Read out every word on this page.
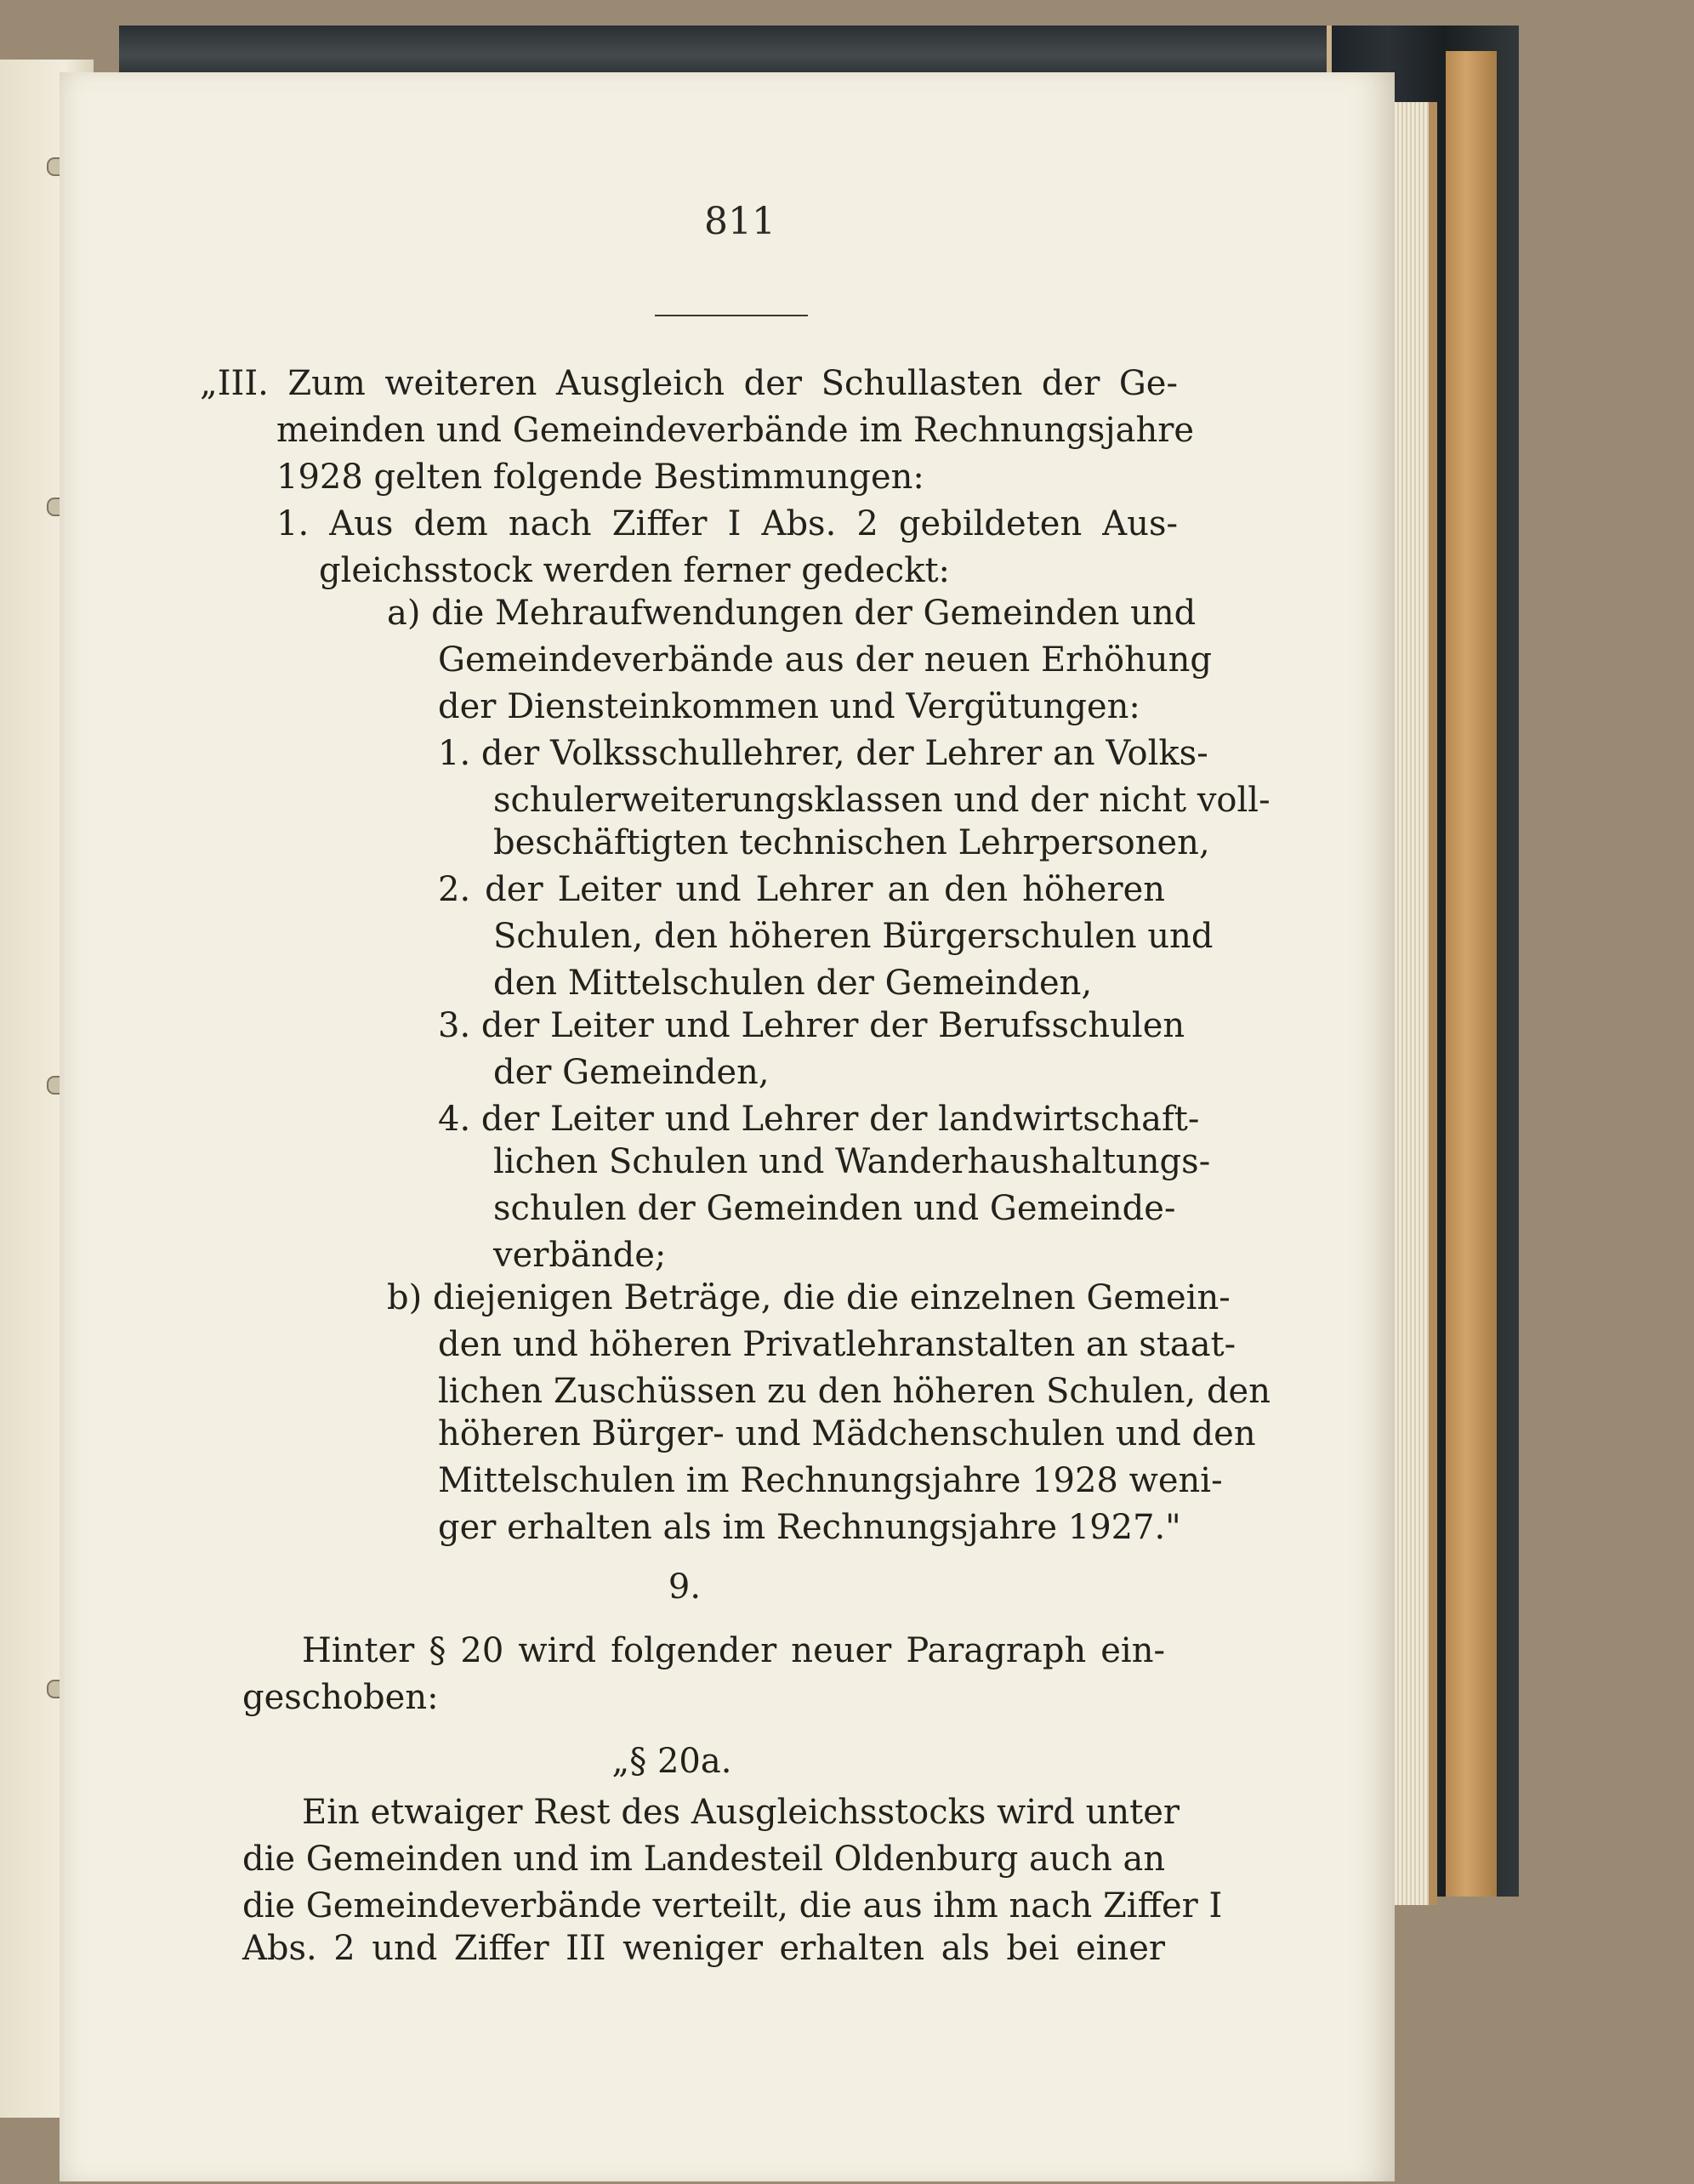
811
„III. Zum weiteren Ausgleich der Schullasten der Ge-
meinden und Gemeindeverbände im Rechnungsjahre
1928 gelten folgende Bestimmungen:
1. Aus dem nach Ziffer I Abs. 2 gebildeten Aus-
gleichsstock werden ferner gedeckt:
a) die Mehraufwendungen der Gemeinden und
Gemeindeverbände aus der neuen Erhöhung
der Diensteinkommen und Vergütungen:
1. der Volksschullehrer, der Lehrer an Volks-
schulerweiterungsklassen und der nicht voll-
beschäftigten technischen Lehrpersonen,
2. der Leiter und Lehrer an den höheren
Schulen, den höheren Bürgerschulen und
den Mittelschulen der Gemeinden,
3. der Leiter und Lehrer der Berufsschulen
der Gemeinden,
4. der Leiter und Lehrer der landwirtschaft-
lichen Schulen und Wanderhaushaltungs-
schulen der Gemeinden und Gemeinde-
verbände;
b) diejenigen Beträge, die die einzelnen Gemein-
den und höheren Privatlehranstalten an staat-
lichen Zuschüssen zu den höheren Schulen, den
höheren Bürger- und Mädchenschulen und den
Mittelschulen im Rechnungsjahre 1928 weni-
ger erhalten als im Rechnungsjahre 1927."
9.
Hinter § 20 wird folgender neuer Paragraph ein-
geschoben:
„§ 20a.
Ein etwaiger Rest des Ausgleichsstocks wird unter
die Gemeinden und im Landesteil Oldenburg auch an
die Gemeindeverbände verteilt, die aus ihm nach Ziffer I
Abs. 2 und Ziffer III weniger erhalten als bei einer
